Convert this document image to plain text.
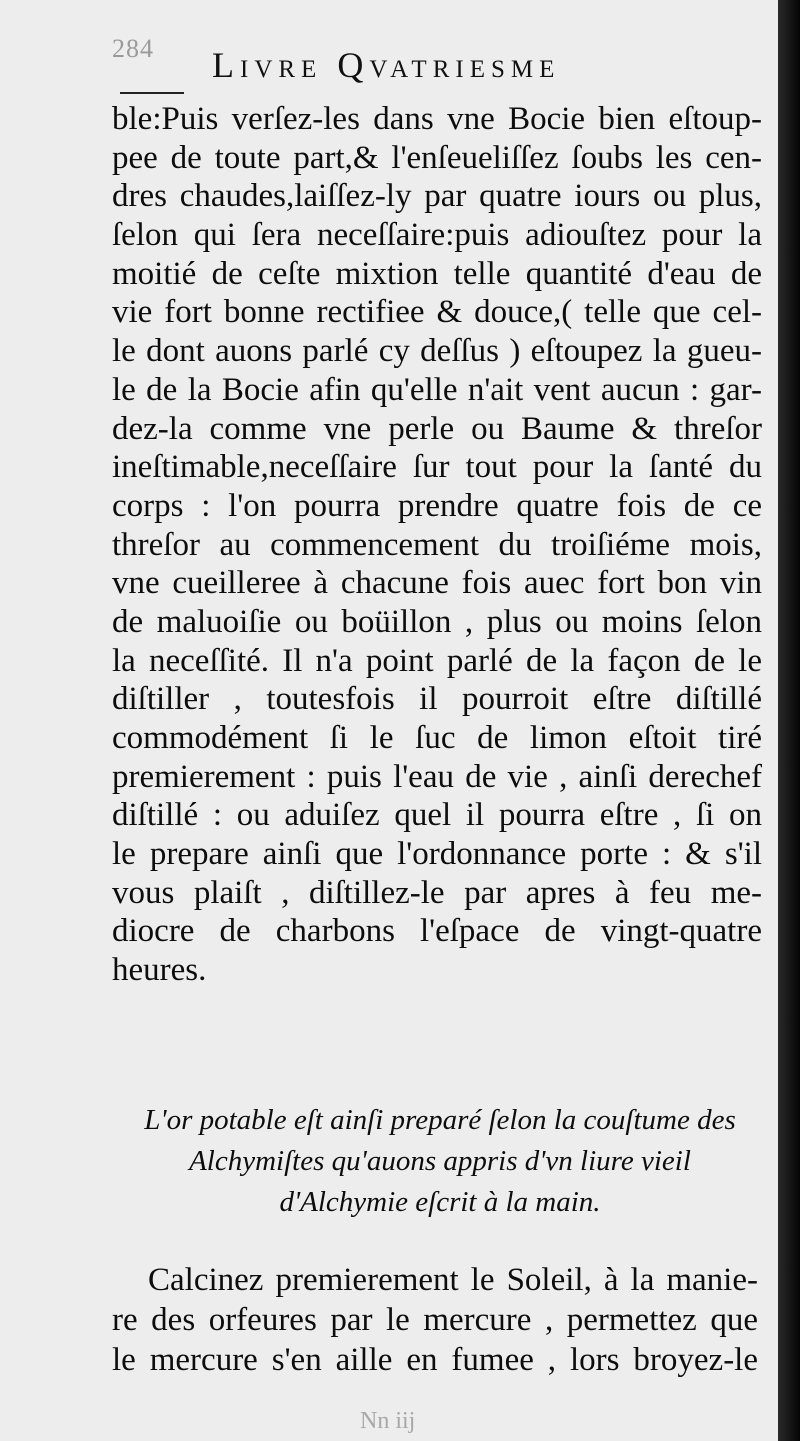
284 Livre Qvatriesme
ble:Puis verſez-les dans vne Bocie bien eſtoup-
pee de toute part,& l'enſeueliſſez ſoubs les cen-
dres chaudes,laiſſez-ly par quatre iours ou plus,
ſelon qui ſera neceſſaire:puis adiouſtez pour la
moitié de ceſte mixtion telle quantité d'eau de
vie fort bonne rectifiee & douce,( telle que cel-
le dont auons parlé cy deſſus ) eſtoupez la gueu-
le de la Bocie afin qu'elle n'ait vent aucun : gar-
dez-la comme vne perle ou Baume & threſor
ineſtimable,neceſſaire ſur tout pour la ſanté du
corps : l'on pourra prendre quatre fois de ce
threſor au commencement du troiſiéme mois,
vne cueilleree à chacune fois auec fort bon vin
de maluoiſie ou boüillon , plus ou moins ſelon
la neceſſité. Il n'a point parlé de la façon de le
diſtiller , toutesfois il pourroit eſtre diſtillé
commodément ſi le ſuc de limon eſtoit tiré
premierement : puis l'eau de vie , ainſi derechef
diſtillé : ou aduiſez quel il pourra eſtre , ſi on
le prepare ainſi que l'ordonnance porte : & s'il
vous plaiſt , diſtillez-le par apres à feu me-
diocre de charbons l'eſpace de vingt-quatre
heures.
L'or potable eſt ainſi preparé ſelon la couſtume des
Alchymiſtes qu'auons appris d'vn liure vieil
d'Alchymie eſcrit à la main.
Calcinez premierement le Soleil, à la manie-
re des orfeures par le mercure , permettez que
le mercure s'en aille en fumee , lors broyez-le
Nn iij
